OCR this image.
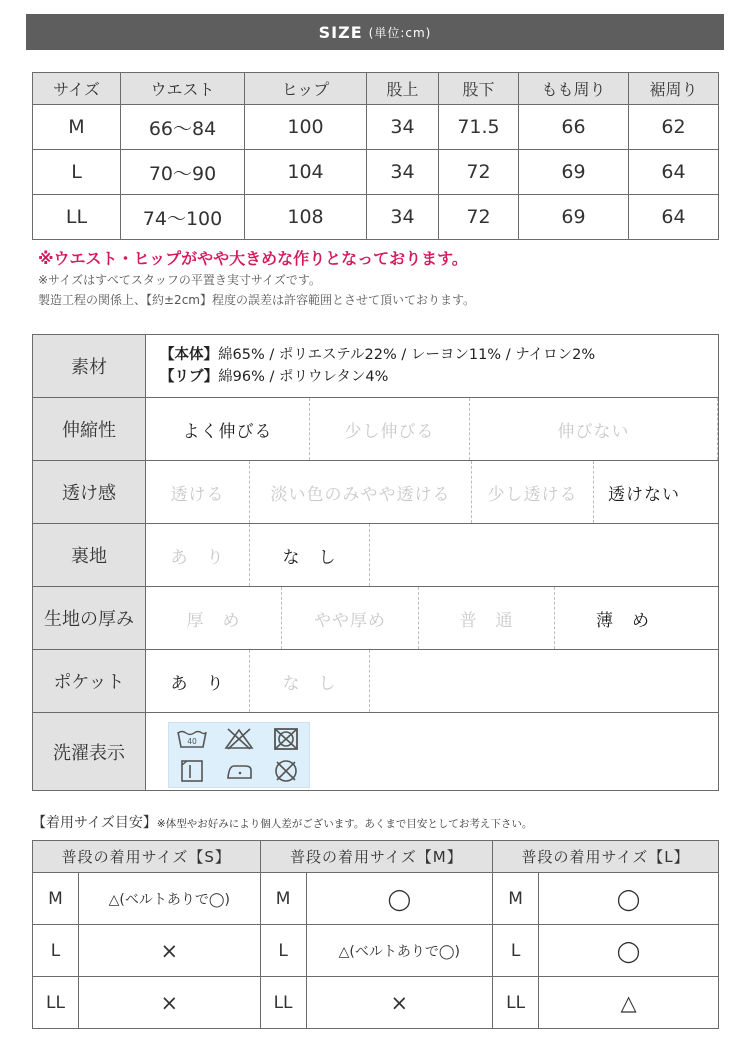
SIZE (単位:cm)
サイズ	ウエスト	ヒップ	股上	股下	もも周り	裾周り
M	66〜84	100	34	71.5	66	62
L	70〜90	104	34	72	69	64
LL	74〜100	108	34	72	69	64
※ウエスト・ヒップがやや大きめな作りとなっております。
※サイズはすべてスタッフの平置き実寸サイズです。
製造工程の関係上、【約±2cm】程度の誤差は許容範囲とさせて頂いております。
素材	【本体】綿65% / ポリエステル22% / レーヨン11% / ナイロン2%
【リブ】綿96% / ポリウレタン4%

伸縮性	よく伸びる 少し伸びる 伸びない

透け感	透ける 淡い色のみやや透ける 少し透ける 透けない

裏地	あ　り な　し

生地の厚み	厚　め やや厚め 普　通 薄　め

ポケット	あ　り な　し

洗濯表示	40
【着用サイズ目安】※体型やお好みにより個人差がございます。あくまで目安としてお考え下さい。
普段の着用サイズ【S】		普段の着用サイズ【M】		普段の着用サイズ【L】	
M	△(ベルトありで◯)	M	◯	M	◯
L	×	L	△(ベルトありで◯)	L	◯
LL	×	LL	×	LL	△
